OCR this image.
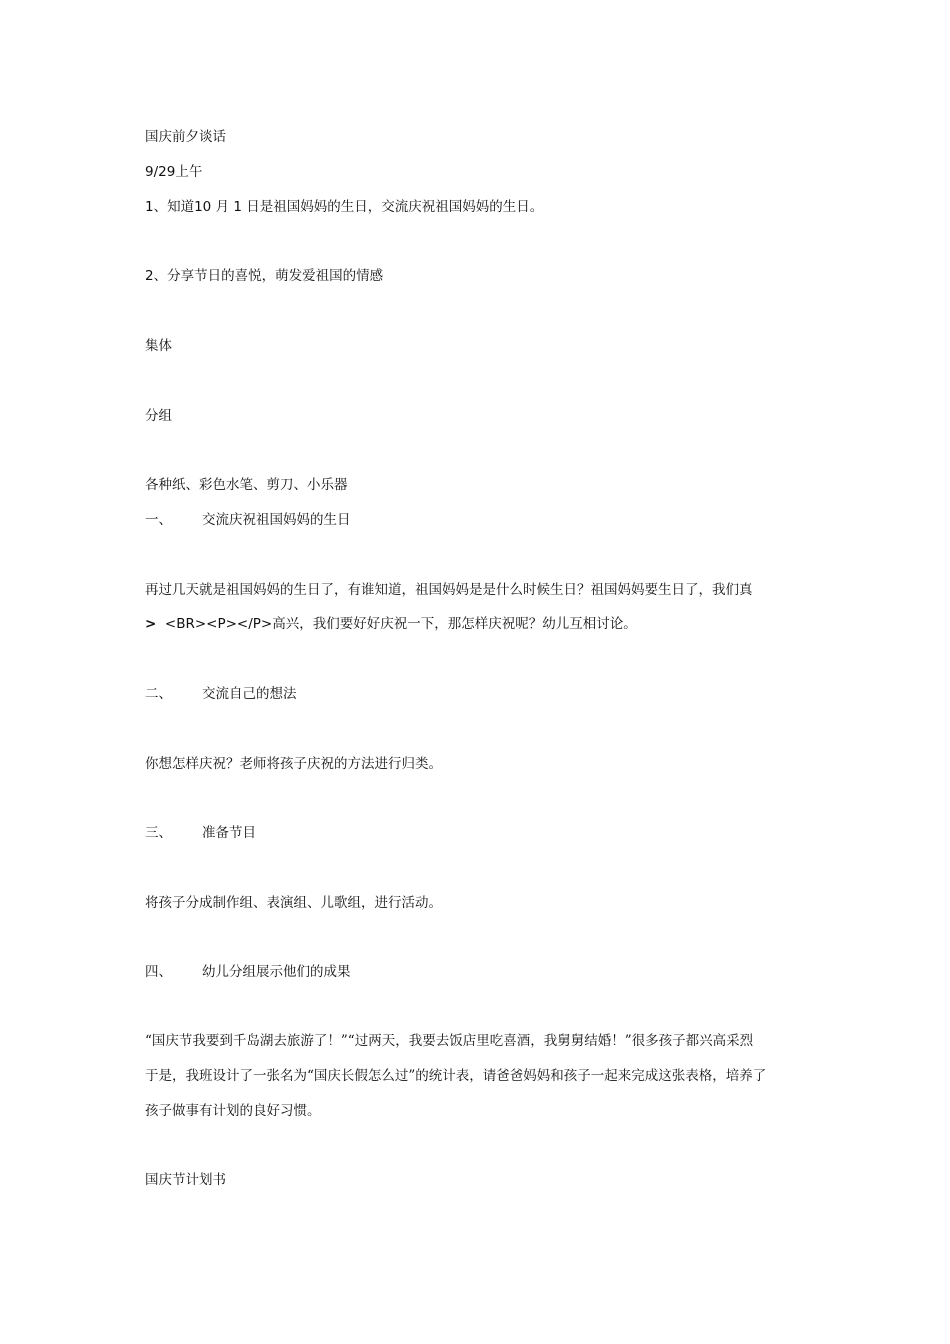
国庆前夕谈话
9/29上午
1、知道10 月 1 日是祖国妈妈的生日，交流庆祝祖国妈妈的生日。
2、分享节日的喜悦，萌发爱祖国的情感
集体
分组
各种纸、彩色水笔、剪刀、小乐器
一、 交流庆祝祖国妈妈的生日
再过几天就是祖国妈妈的生日了，有谁知道，祖国妈妈是是什么时候生日？祖国妈妈要生日了，我们真
> <BR><P></P>高兴，我们要好好庆祝一下，那怎样庆祝呢？幼儿互相讨论。
二、 交流自己的想法
你想怎样庆祝？老师将孩子庆祝的方法进行归类。
三、 准备节目
将孩子分成制作组、表演组、儿歌组，进行活动。
四、 幼儿分组展示他们的成果
“国庆节我要到千岛湖去旅游了！”“过两天，我要去饭店里吃喜酒，我舅舅结婚！”很多孩子都兴高采烈
于是，我班设计了一张名为“国庆长假怎么过”的统计表，请爸爸妈妈和孩子一起来完成这张表格，培养了
孩子做事有计划的良好习惯。
国庆节计划书
